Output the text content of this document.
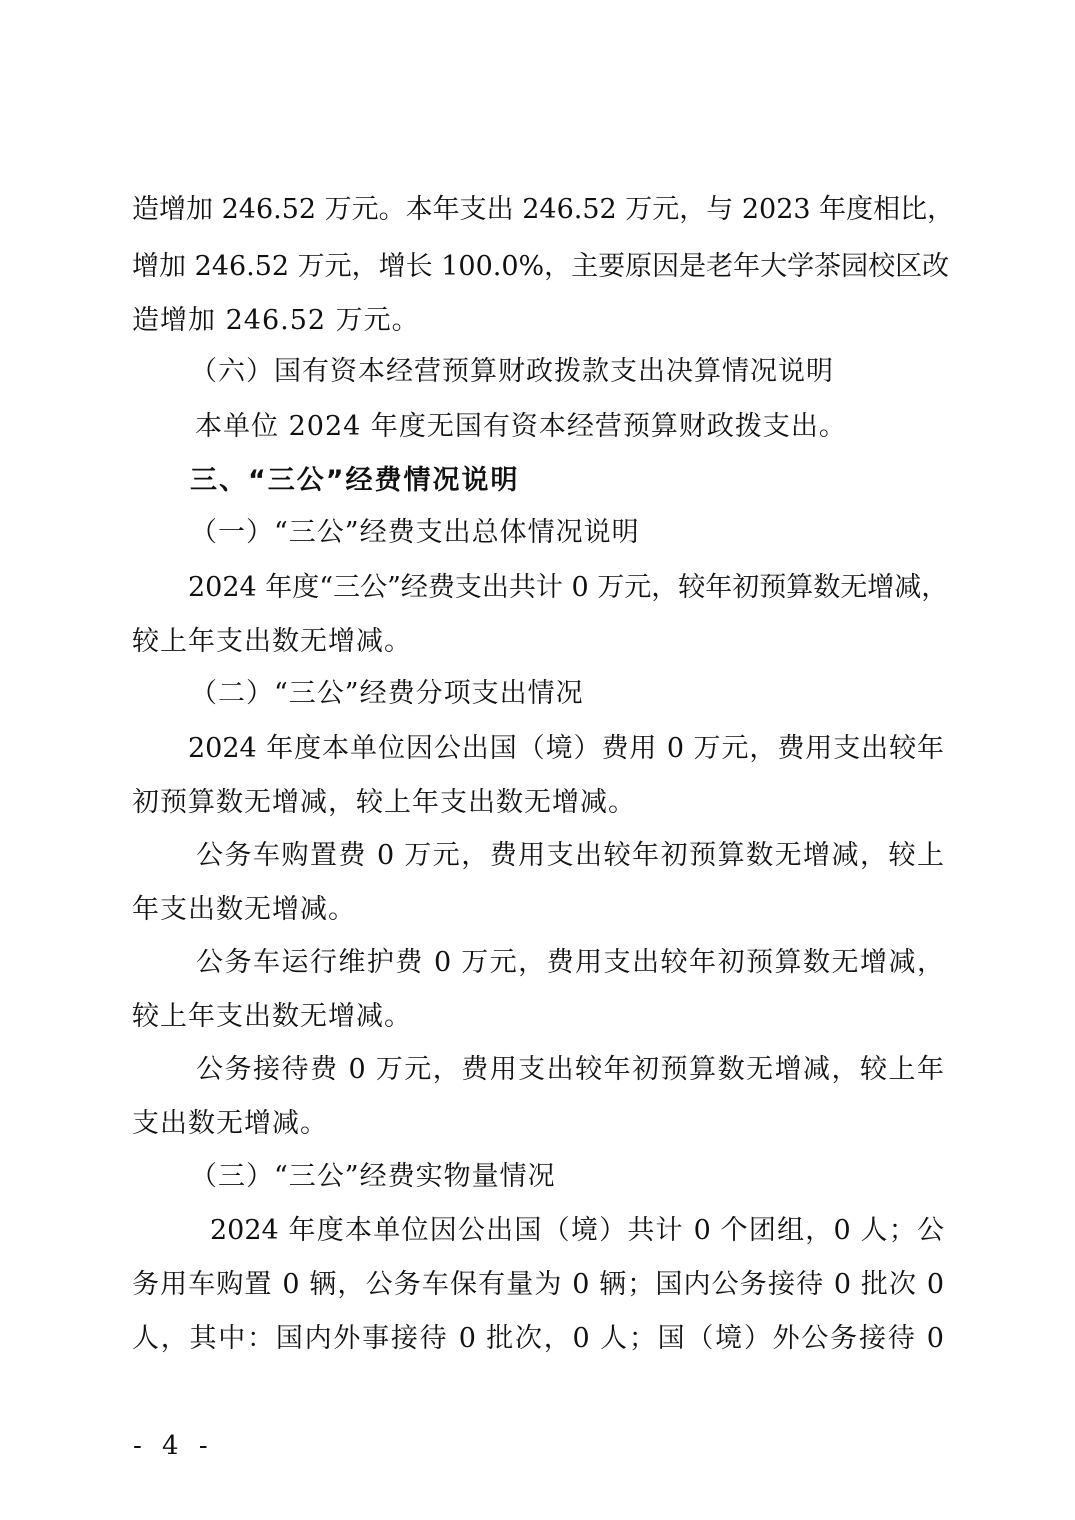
造增加 246.52 万元。本年支出 246.52 万元，与 2023 年度相比，
增加 246.52 万元，增长 100.0%，主要原因是老年大学茶园校区改
造增加 246.52 万元。
（六）国有资本经营预算财政拨款支出决算情况说明
本单位 2024 年度无国有资本经营预算财政拨支出。
三、“三公”经费情况说明
（一）“三公”经费支出总体情况说明
2024 年度“三公”经费支出共计 0 万元，较年初预算数无增减，
较上年支出数无增减。
（二）“三公”经费分项支出情况
2024 年度本单位因公出国（境）费用 0 万元，费用支出较年
初预算数无增减，较上年支出数无增减。
公务车购置费 0 万元，费用支出较年初预算数无增减，较上
年支出数无增减。
公务车运行维护费 0 万元，费用支出较年初预算数无增减，
较上年支出数无增减。
公务接待费 0 万元，费用支出较年初预算数无增减，较上年
支出数无增减。
（三）“三公”经费实物量情况
2024 年度本单位因公出国（境）共计 0 个团组，0 人；公
务用车购置 0 辆，公务车保有量为 0 辆；国内公务接待 0 批次 0
人，其中：国内外事接待 0 批次，0 人；国（境）外公务接待 0
- 4 -
